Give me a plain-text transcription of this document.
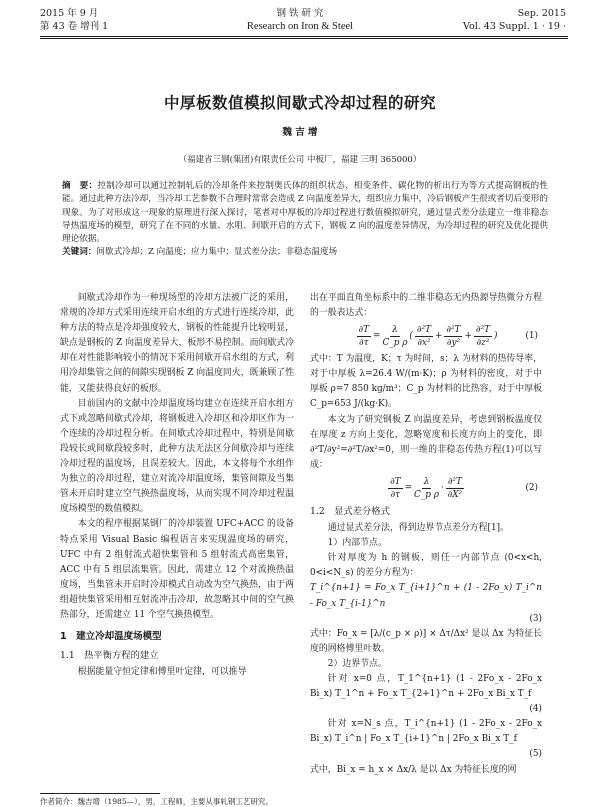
2015 年 9 月
第 43 卷 增刊 1
钢 铁 研 究
Research on Iron & Steel
Sep. 2015
Vol. 43 Suppl. 1 · 19 ·
中厚板数值模拟间歇式冷却过程的研究
魏 吉 增
（福建省三钢(集团)有限责任公司 中板厂，福建 三明 365000）
摘　要：控制冷却可以通过控制轧后的冷却条件来控制奥氏体的组织状态、相变条件、碳化物的析出行为等方式提高钢板的性能。通过此种方法冷却，当冷却工艺参数不合理时常常会造成 Z 向温度差异大，组织应力集中，冷后钢板产生很或者切后变形的现象。为了对形成这一现象的原理进行深入探讨，笔者对中厚板的冷却过程进行数值模拟研究，通过显式差分法建立一维非稳态导热温度场的模型，研究了在不同的水量、水咀、间歇开启的方式下，钢板 Z 向的温度差异情况，为冷却过程的研究及优化提供理论依据。
关键词：间歇式冷却；Z 向温度；应力集中；显式差分法；非稳态温度场

间歇式冷却作为一种现场型的冷却方法被广泛的采用，常规的冷却方式采用连续开启水组的方式进行连续冷却，此种方法的特点是冷却强度较大，钢板的性能提升比较明显，缺点是钢板的 Z 向温度差异大，板形不易控制。而间歇式冷却在对性能影响较小的情况下采用间歇开启水组的方式，利用冷却集管之间的间隙实现钢板 Z 向温度同火，既兼顾了性能，又能获得良好的板形。

目前国内的文献中冷却温度场均建立在连续开启水组方式下或忽略间歇式冷却，将钢板进入冷却区和冷却区作为一个连续的冷却过程分析。在间歇式冷却过程中，特别是间歇段较长或间歇段较多时，此种方法无法区分间歇冷却与连续冷却过程的温度场，且误差较大。因此，本文将每个水组作为独立的冷却过程，建立对流冷却温度场，集管间隙及当集管未开启时建立空气换热温度场，从而实现不同冷却过程温度场模型的数值模拟。

本文的程序根据某钢厂的冷却装置 UFC+ACC 的设备特点采用 Visual Basic 编程语言来实现温度场的研究，UFC 中有 2 组射流式超快集管和 5 组射流式高密集管，ACC 中有 5 组层流集管。因此，需建立 12 个对流换热温度场，当集管未开启时冷却模式自动改为空气换热，由于两组超快集管采用相互射流冲击冷却，故忽略其中间的空气换热部分，还需建立 11 个空气换热模型。

1　建立冷却温度场模型
1.1　热平衡方程的建立

根据能量守恒定律和傅里叶定律，可以推导

出在平面直角坐标系中的二维非稳态无内热源导热微分方程的一般表达式：

$\frac{\partial T}{\partial\tau} = \frac{\lambda}{\text{C\_p ρ}}$ ( $\frac{\text{∂²T}}{\text{∂x²}} + \frac{\text{∂²T}}{\text{∂y²}} + \frac{\text{∂²T}}{\text{∂z²}}$ )	(1)

式中：T 为温度，K；τ 为时间，s；λ 为材料的热传导率，对于中厚板 λ=26.4 W/(m·K)；ρ 为材料的密度，对于中厚板 ρ=7 850 kg/m³；C_p 为材料的比热容，对于中厚板 C_p=653 J/(kg·K)。

本文为了研究钢板 Z 向温度差异，考虑到钢板温度仅在厚度 z 方向上变化，忽略宽度和长度方向上的变化，即 ∂²T/∂y²=∂²T/∂x²=0，则一维的非稳态传热方程(1)可以写成：

$\frac{\partial T}{\partial\tau} = \frac{\lambda}{\text{C\_p ρ}} \cdot \frac{\text{∂²T}}{\text{∂X²}}$	(2)
1.2　显式差分格式

通过显式差分法，得到边界节点差分方程[1]。

1）内部节点。

针对厚度为 h 的钢板，则任一内部节点 (0<x<h, 0<i<N_s) 的差分方程为：

T_i^{n+1} = Fo_x T_{i+1}^n + (1 - 2Fo_x) T_i^n - Fo_x T_{i-1}^n

(3)

式中：Fo_x = [λ/(c_p × ρ)] × Δτ/Δx² 是以 Δx 为特征长度的网格傅里叶数。

2）边界节点。

针对 x=0 点，T_1^{n+1} (1 - 2Fo_x - 2Fo_x Bi_x) T_1^n + Fo_x T_{2+1}^n + 2Fo_x Bi_x T_f

(4)

针对 x=N_s 点，T_i^{n+1} (1 - 2Fo_x - 2Fo_x Bi_x) T_i^n | Fo_x T_{i+1}^n | 2Fo_x Bi_x T_f

(5)

式中，Bi_x = h_x × Δx/λ 是以 Δx 为特征长度的网

作者简介：魏吉增（1985—），男，工程师，主要从事轧钢工艺研究。
